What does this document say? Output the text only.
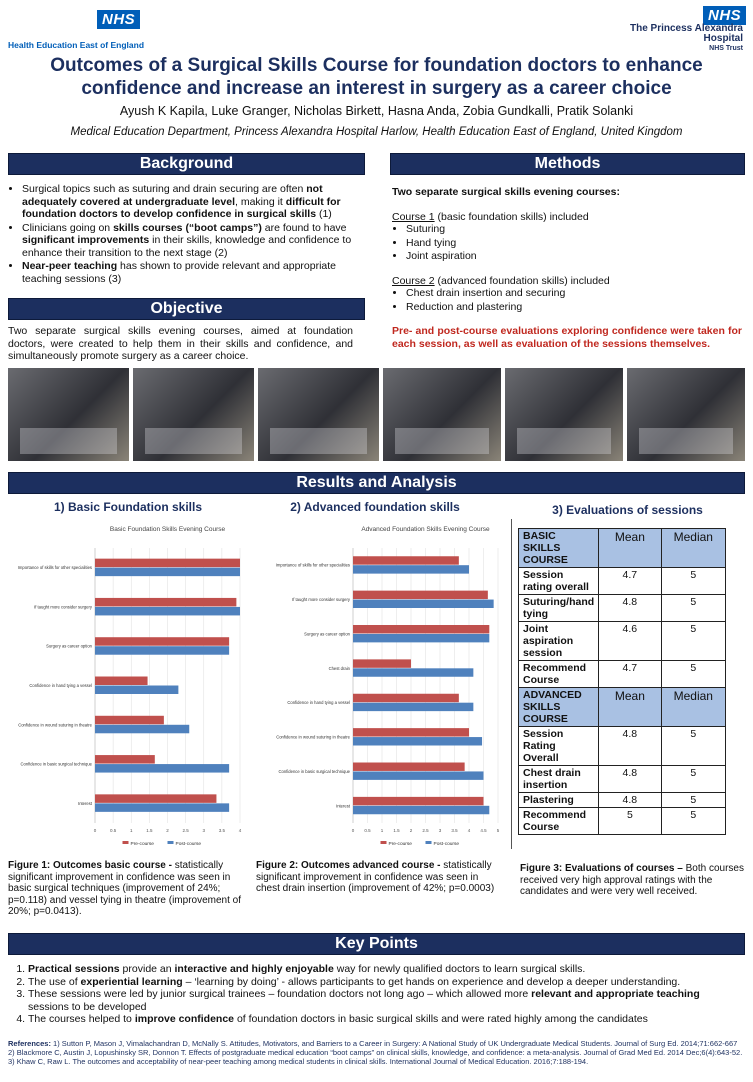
NHS
Health Education East of England
NHS
The Princess Alexandra
Hospital
NHS Trust
Outcomes of a Surgical Skills Course for foundation doctors to enhance
confidence and increase an interest in surgery as a career choice
Ayush K Kapila, Luke Granger, Nicholas Birkett, Hasna Anda, Zobia Gundkalli, Pratik Solanki
Medical Education Department, Princess Alexandra Hospital Harlow, Health Education East of England, United Kingdom
Background
• Surgical topics such as suturing and drain securing are often not adequately covered at undergraduate level, making it difficult for foundation doctors to develop confidence in surgical skills (1)
• Clinicians going on skills courses (“boot camps”) are found to have significant improvements in their skills, knowledge and confidence to enhance their transition to the next stage (2)
• Near-peer teaching has shown to provide relevant and appropriate teaching sessions (3)
Objective
Two separate surgical skills evening courses, aimed at foundation doctors, were created to help them in their skills and confidence, and simultaneously promote surgery as a career choice.
Methods
Two separate surgical skills evening courses:
Course 1 (basic foundation skills) included
• Suturing
• Hand tying
• Joint aspiration
Course 2 (advanced foundation skills) included
• Chest drain insertion and securing
• Reduction and plastering
Pre- and post-course evaluations exploring confidence were taken for each session, as well as evaluation of the sessions themselves.
Results and Analysis
1) Basic Foundation skills	2) Advanced foundation skills	3) Evaluations of sessions
Basic Foundation Skills Evening Course
0	0.5	1	1.5	2	2.5	3	3.5	4
Importance of skills for other specialities
If taught more consider surgery
Surgery as career option
Confidence in hand tying a vessel
Confidence in wound suturing in theatre
Confidence in basic surgical technique
Interest
Pre-course	Post-course
Advanced Foundation Skills Evening Course
0 0.5 1 1.5 2 2.5 3 3.5 4 4.5 5
Importance of skills for other specialities
If taught more consider surgery
Surgery as career option
Chest drain
Confidence in hand tying a vessel
Confidence in wound suturing in theatre
Confidence in basic surgical technique
Interest
Pre-course	Post-course
Figure 1: Outcomes basic course - statistically significant improvement in confidence was seen in basic surgical techniques (improvement of 24%; p=0.118) and vessel tying in theatre (improvement of 20%; p=0.0413).
Figure 2: Outcomes advanced course - statistically significant improvement in confidence was seen in chest drain insertion (improvement of 42%; p=0.0003)
Figure 3: Evaluations of courses – Both courses received very high approval ratings with the candidates and were very well received.
BASIC SKILLS COURSE	Mean	Median
Session rating overall	4.7	5
Suturing/hand tying	4.8	5
Joint aspiration session	4.6	5
Recommend Course	4.7	5
ADVANCED SKILLS COURSE	Mean	Median
Session Rating Overall	4.8	5
Chest drain insertion	4.8	5
Plastering	4.8	5
Recommend Course	5	5
Key Points
1. Practical sessions provide an interactive and highly enjoyable way for newly qualified doctors to learn surgical skills.
2. The use of experiential learning – ‘learning by doing’ - allows participants to get hands on experience and develop a deeper understanding.
3. These sessions were led by junior surgical trainees – foundation doctors not long ago – which allowed more relevant and appropriate teaching sessions to be developed
4. The courses helped to improve confidence of foundation doctors in basic surgical skills and were rated highly among the candidates
References: 1) Sutton P, Mason J, Vimalachandran D, McNally S. Attitudes, Motivators, and Barriers to a Career in Surgery: A National Study of UK Undergraduate Medical Students. Journal of Surg Ed. 2014;71:662-667
2) Blackmore C, Austin J, Lopushinsky SR, Donnon T. Effects of postgraduate medical education “boot camps” on clinical skills, knowledge, and confidence: a meta-analysis. Journal of Grad Med Ed. 2014 Dec;6(4):643-52.
3) Khaw C, Raw L. The outcomes and acceptability of near-peer teaching among medical students in clinical skills. International Journal of Medical Education. 2016;7:188-194.
